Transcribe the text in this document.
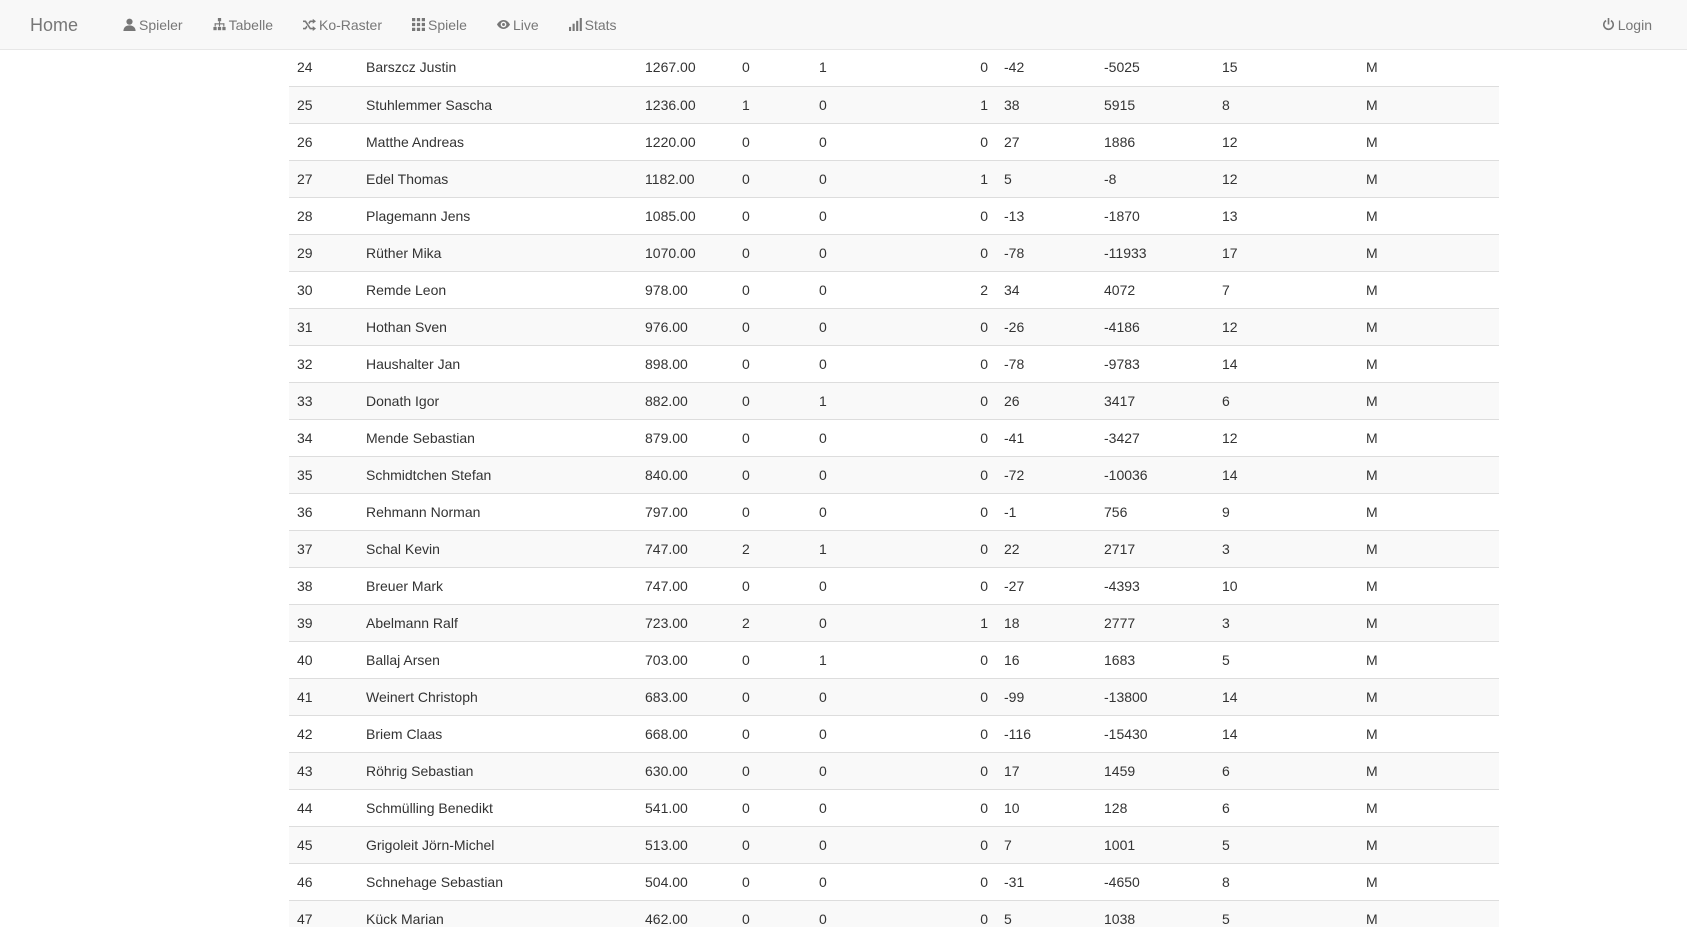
Home	Spieler	Tabelle	Ko-Raster	Spiele	Live	Stats	Login
24	Barszcz Justin	1267.00	0	1	0	-42	-5025	15	M
25	Stuhlemmer Sascha	1236.00	1	0	1	38	5915	8	M
26	Matthe Andreas	1220.00	0	0	0	27	1886	12	M
27	Edel Thomas	1182.00	0	0	1	5	-8	12	M
28	Plagemann Jens	1085.00	0	0	0	-13	-1870	13	M
29	Rüther Mika	1070.00	0	0	0	-78	-11933	17	M
30	Remde Leon	978.00	0	0	2	34	4072	7	M
31	Hothan Sven	976.00	0	0	0	-26	-4186	12	M
32	Haushalter Jan	898.00	0	0	0	-78	-9783	14	M
33	Donath Igor	882.00	0	1	0	26	3417	6	M
34	Mende Sebastian	879.00	0	0	0	-41	-3427	12	M
35	Schmidtchen Stefan	840.00	0	0	0	-72	-10036	14	M
36	Rehmann Norman	797.00	0	0	0	-1	756	9	M
37	Schal Kevin	747.00	2	1	0	22	2717	3	M
38	Breuer Mark	747.00	0	0	0	-27	-4393	10	M
39	Abelmann Ralf	723.00	2	0	1	18	2777	3	M
40	Ballaj Arsen	703.00	0	1	0	16	1683	5	M
41	Weinert Christoph	683.00	0	0	0	-99	-13800	14	M
42	Briem Claas	668.00	0	0	0	-116	-15430	14	M
43	Röhrig Sebastian	630.00	0	0	0	17	1459	6	M
44	Schmülling Benedikt	541.00	0	0	0	10	128	6	M
45	Grigoleit Jörn-Michel	513.00	0	0	0	7	1001	5	M
46	Schnehage Sebastian	504.00	0	0	0	-31	-4650	8	M
47	Kück Marian	462.00	0	0	0	5	1038	5	M
